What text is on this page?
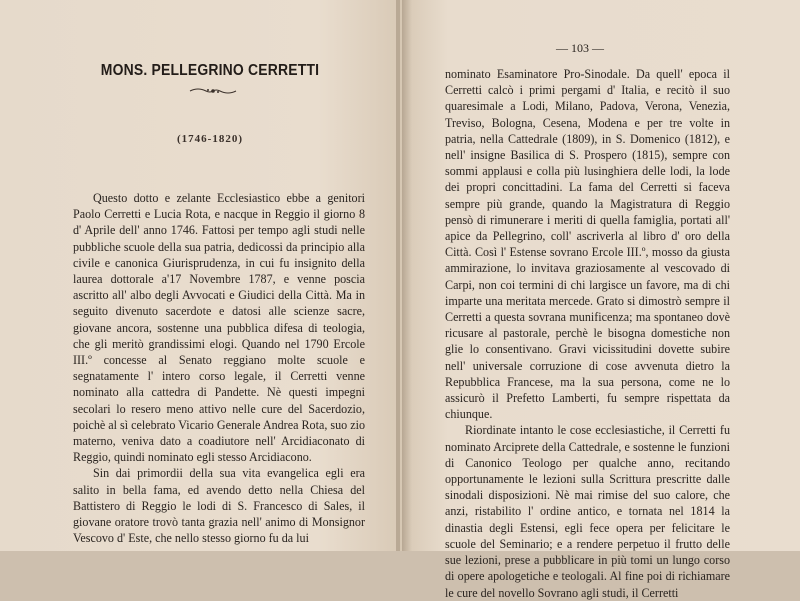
MONS. PELLEGRINO CERRETTI
(1746-1820)

Questo dotto e zelante Ecclesiastico ebbe a genitori Paolo Cerretti e Lucia Rota, e nacque in Reggio il giorno 8 d' Aprile dell' anno 1746. Fattosi per tempo agli studi nelle pubbliche scuole della sua patria, dedicossi da principio alla civile e canonica Giurisprudenza, in cui fu insignito della laurea dottorale a'17 Novembre 1787, e venne poscia ascritto all' albo degli Avvocati e Giudici della Città. Ma in seguito divenuto sacerdote e datosi alle scienze sacre, giovane ancora, sostenne una pubblica difesa di teologia, che gli meritò grandissimi elogi. Quando nel 1790 Ercole III.º concesse al Senato reggiano molte scuole e segnatamente l' intero corso legale, il Cerretti venne nominato alla cattedra di Pandette. Nè questi impegni secolari lo resero meno attivo nelle cure del Sacerdozio, poichè al sì celebrato Vicario Generale Andrea Rota, suo zio materno, veniva dato a coadiutore nell' Arcidiaconato di Reggio, quindi nominato egli stesso Arcidiacono.

Sin dai primordii della sua vita evangelica egli era salito in bella fama, ed avendo detto nella Chiesa del Battistero di Reggio le lodi di S. Francesco di Sales, il giovane oratore trovò tanta grazia nell' animo di Monsignor Vescovo d' Este, che nello stesso giorno fu da lui

— 103 —

nominato Esaminatore Pro-Sinodale. Da quell' epoca il Cerretti calcò i primi pergami d' Italia, e recitò il suo quaresimale a Lodi, Milano, Padova, Verona, Venezia, Treviso, Bologna, Cesena, Modena e per tre volte in patria, nella Cattedrale (1809), in S. Domenico (1812), e nell' insigne Basilica di S. Prospero (1815), sempre con sommi applausi e colla più lusinghiera delle lodi, la lode dei propri concittadini. La fama del Cerretti si faceva sempre più grande, quando la Magistratura di Reggio pensò di rimunerare i meriti di quella famiglia, portati all' apice da Pellegrino, coll' ascriverla al libro d' oro della Città. Così l' Estense sovrano Ercole III.º, mosso da giusta ammirazione, lo invitava graziosamente al vescovado di Carpi, non coi termini di chi largisce un favore, ma di chi imparte una meritata mercede. Grato si dimostrò sempre il Cerretti a questa sovrana munificenza; ma spontaneo dovè ricusare al pastorale, perchè le bisogna domestiche non glie lo consentivano. Gravi vicissitudini dovette subire nell' universale corruzione di cose avvenuta dietro la Repubblica Francese, ma la sua persona, come ne lo assicurò il Prefetto Lamberti, fu sempre rispettata da chiunque.

Riordinate intanto le cose ecclesiastiche, il Cerretti fu nominato Arciprete della Cattedrale, e sostenne le funzioni di Canonico Teologo per qualche anno, recitando opportunamente le lezioni sulla Scrittura prescritte dalle sinodali disposizioni. Nè mai rimise del suo calore, che anzi, ristabilito l' ordine antico, e tornata nel 1814 la dinastia degli Estensi, egli fece opera per felicitare le scuole del Seminario; e a rendere perpetuo il frutto delle sue lezioni, prese a pubblicare in più tomi un lungo corso di opere apologetiche e teologali. Al fine poi di richiamare le cure del novello Sovrano agli studi, il Cerretti
